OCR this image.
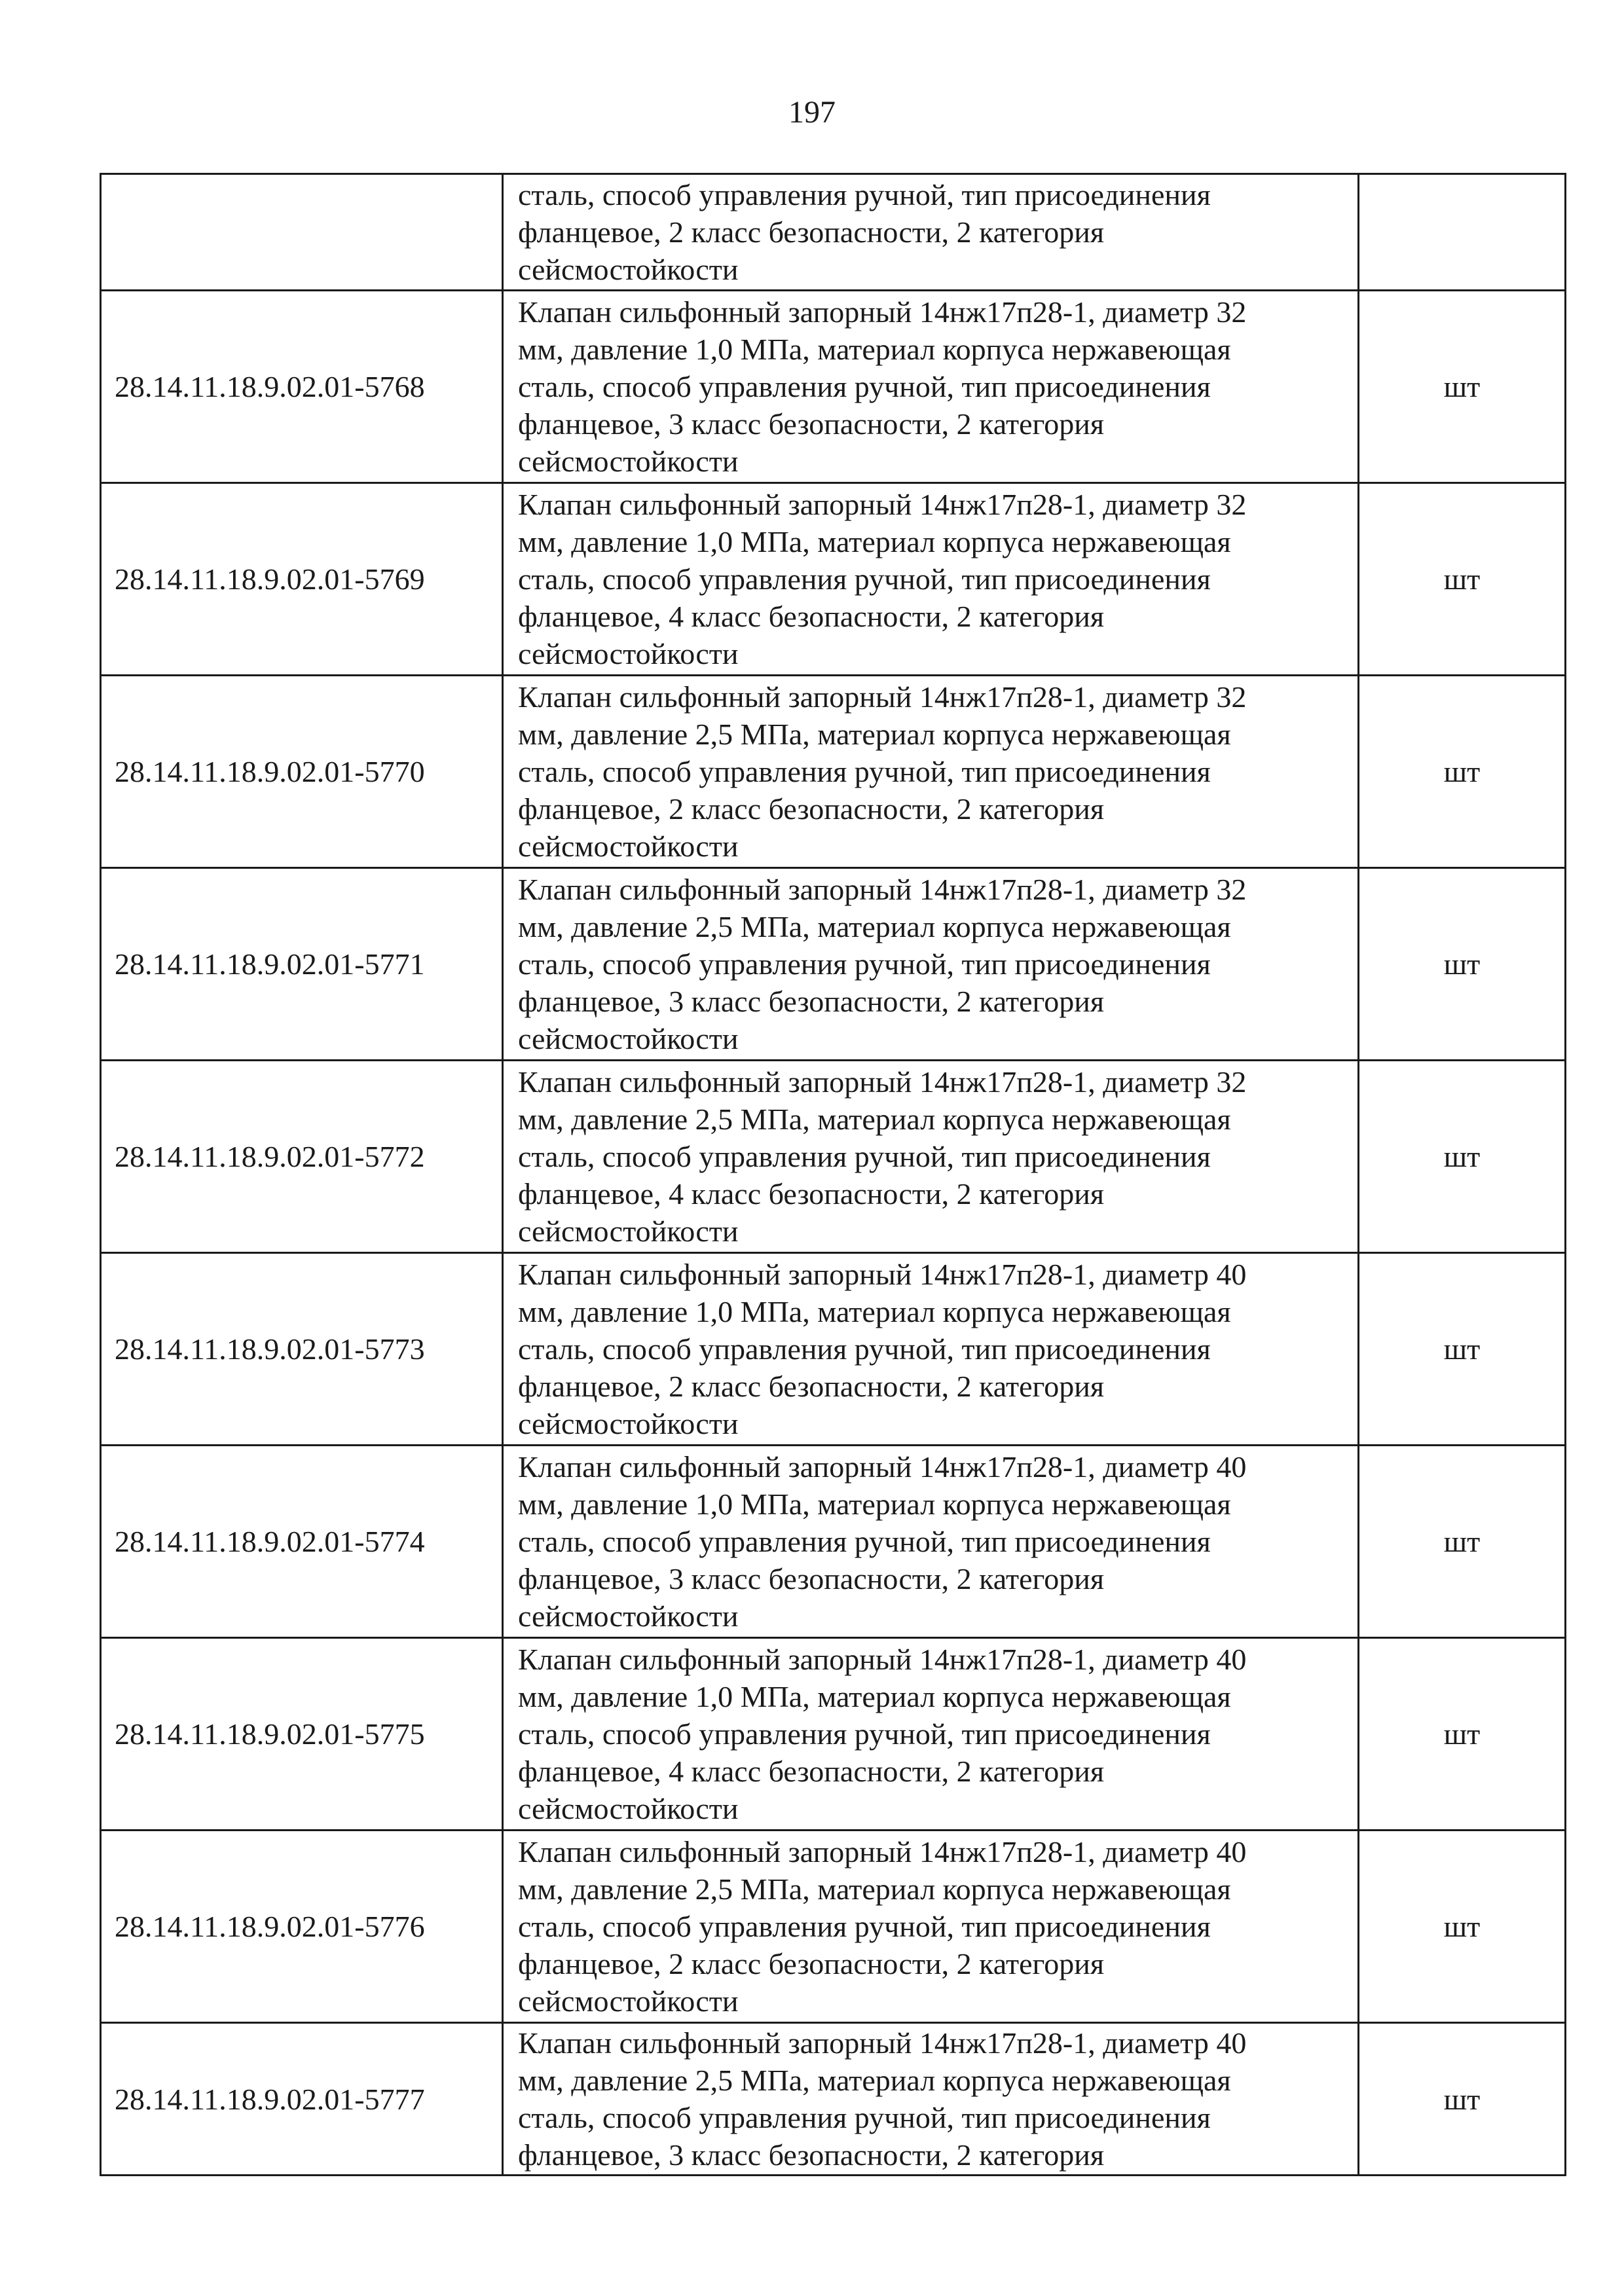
197

	сталь, способ управления ручной, тип присоединения
фланцевое, 2 класс безопасности, 2 категория
сейсмостойкости	

28.14.11.18.9.02.01-5768	Клапан сильфонный запорный 14нж17п28-1, диаметр 32
мм, давление 1,0 МПа, материал корпуса нержавеющая
сталь, способ управления ручной, тип присоединения
фланцевое, 3 класс безопасности, 2 категория
сейсмостойкости	шт
28.14.11.18.9.02.01-5769	Клапан сильфонный запорный 14нж17п28-1, диаметр 32
мм, давление 1,0 МПа, материал корпуса нержавеющая
сталь, способ управления ручной, тип присоединения
фланцевое, 4 класс безопасности, 2 категория
сейсмостойкости	шт
28.14.11.18.9.02.01-5770	Клапан сильфонный запорный 14нж17п28-1, диаметр 32
мм, давление 2,5 МПа, материал корпуса нержавеющая
сталь, способ управления ручной, тип присоединения
фланцевое, 2 класс безопасности, 2 категория
сейсмостойкости	шт
28.14.11.18.9.02.01-5771	Клапан сильфонный запорный 14нж17п28-1, диаметр 32
мм, давление 2,5 МПа, материал корпуса нержавеющая
сталь, способ управления ручной, тип присоединения
фланцевое, 3 класс безопасности, 2 категория
сейсмостойкости	шт
28.14.11.18.9.02.01-5772	Клапан сильфонный запорный 14нж17п28-1, диаметр 32
мм, давление 2,5 МПа, материал корпуса нержавеющая
сталь, способ управления ручной, тип присоединения
фланцевое, 4 класс безопасности, 2 категория
сейсмостойкости	шт
28.14.11.18.9.02.01-5773	Клапан сильфонный запорный 14нж17п28-1, диаметр 40
мм, давление 1,0 МПа, материал корпуса нержавеющая
сталь, способ управления ручной, тип присоединения
фланцевое, 2 класс безопасности, 2 категория
сейсмостойкости	шт
28.14.11.18.9.02.01-5774	Клапан сильфонный запорный 14нж17п28-1, диаметр 40
мм, давление 1,0 МПа, материал корпуса нержавеющая
сталь, способ управления ручной, тип присоединения
фланцевое, 3 класс безопасности, 2 категория
сейсмостойкости	шт
28.14.11.18.9.02.01-5775	Клапан сильфонный запорный 14нж17п28-1, диаметр 40
мм, давление 1,0 МПа, материал корпуса нержавеющая
сталь, способ управления ручной, тип присоединения
фланцевое, 4 класс безопасности, 2 категория
сейсмостойкости	шт
28.14.11.18.9.02.01-5776	Клапан сильфонный запорный 14нж17п28-1, диаметр 40
мм, давление 2,5 МПа, материал корпуса нержавеющая
сталь, способ управления ручной, тип присоединения
фланцевое, 2 класс безопасности, 2 категория
сейсмостойкости	шт
28.14.11.18.9.02.01-5777	Клапан сильфонный запорный 14нж17п28-1, диаметр 40
мм, давление 2,5 МПа, материал корпуса нержавеющая
сталь, способ управления ручной, тип присоединения
фланцевое, 3 класс безопасности, 2 категория	шт
